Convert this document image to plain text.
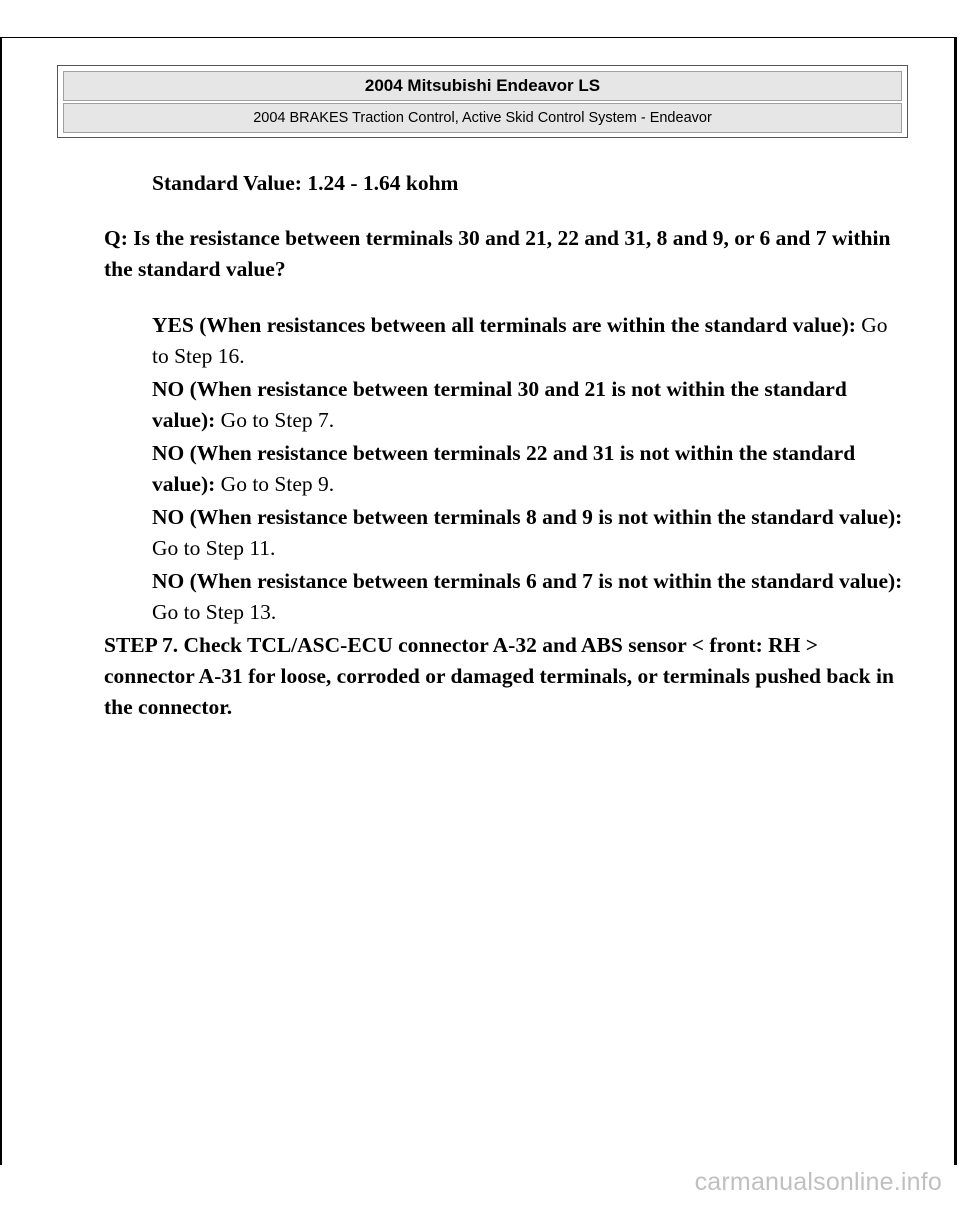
2004 Mitsubishi Endeavor LS
2004 BRAKES Traction Control, Active Skid Control System - Endeavor

Standard Value: 1.24 - 1.64 kohm

Q: Is the resistance between terminals 30 and 21, 22 and 31, 8 and 9, or 6 and 7 within the standard value?

YES (When resistances between all terminals are within the standard value): Go to Step 16.

NO (When resistance between terminal 30 and 21 is not within the standard value): Go to Step 7.

NO (When resistance between terminals 22 and 31 is not within the standard value): Go to Step 9.

NO (When resistance between terminals 8 and 9 is not within the standard value): Go to Step 11.

NO (When resistance between terminals 6 and 7 is not within the standard value): Go to Step 13.

STEP 7. Check TCL/ASC-ECU connector A-32 and ABS sensor < front: RH > connector A-31 for loose, corroded or damaged terminals, or terminals pushed back in the connector.

carmanualsonline.info
